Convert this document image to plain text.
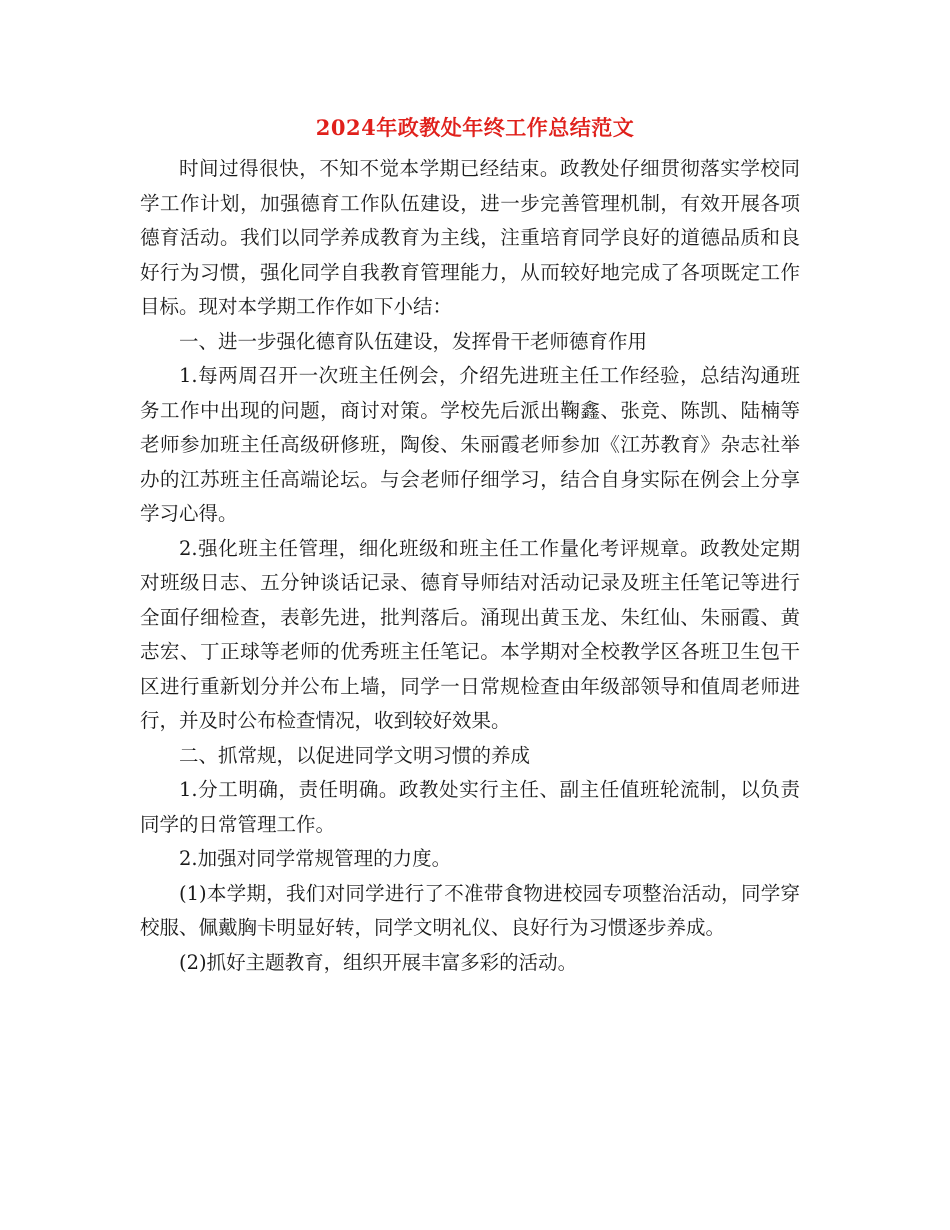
2024年政教处年终工作总结范文

时间过得很快，不知不觉本学期已经结束。政教处仔细贯彻落实学校同学工作计划，加强德育工作队伍建设，进一步完善管理机制，有效开展各项德育活动。我们以同学养成教育为主线，注重培育同学良好的道德品质和良好行为习惯，强化同学自我教育管理能力，从而较好地完成了各项既定工作目标。现对本学期工作作如下小结：

一、进一步强化德育队伍建设，发挥骨干老师德育作用

1.每两周召开一次班主任例会，介绍先进班主任工作经验，总结沟通班务工作中出现的问题，商讨对策。学校先后派出鞠鑫、张竞、陈凯、陆楠等老师参加班主任高级研修班，陶俊、朱丽霞老师参加《江苏教育》杂志社举办的江苏班主任高端论坛。与会老师仔细学习，结合自身实际在例会上分享学习心得。

2.强化班主任管理，细化班级和班主任工作量化考评规章。政教处定期对班级日志、五分钟谈话记录、德育导师结对活动记录及班主任笔记等进行全面仔细检查，表彰先进，批判落后。涌现出黄玉龙、朱红仙、朱丽霞、黄志宏、丁正球等老师的优秀班主任笔记。本学期对全校教学区各班卫生包干区进行重新划分并公布上墙，同学一日常规检查由年级部领导和值周老师进行，并及时公布检查情况，收到较好效果。

二、抓常规，以促进同学文明习惯的养成

1.分工明确，责任明确。政教处实行主任、副主任值班轮流制，以负责同学的日常管理工作。

2.加强对同学常规管理的力度。

(1)本学期，我们对同学进行了不准带食物进校园专项整治活动，同学穿校服、佩戴胸卡明显好转，同学文明礼仪、良好行为习惯逐步养成。

(2)抓好主题教育，组织开展丰富多彩的活动。
